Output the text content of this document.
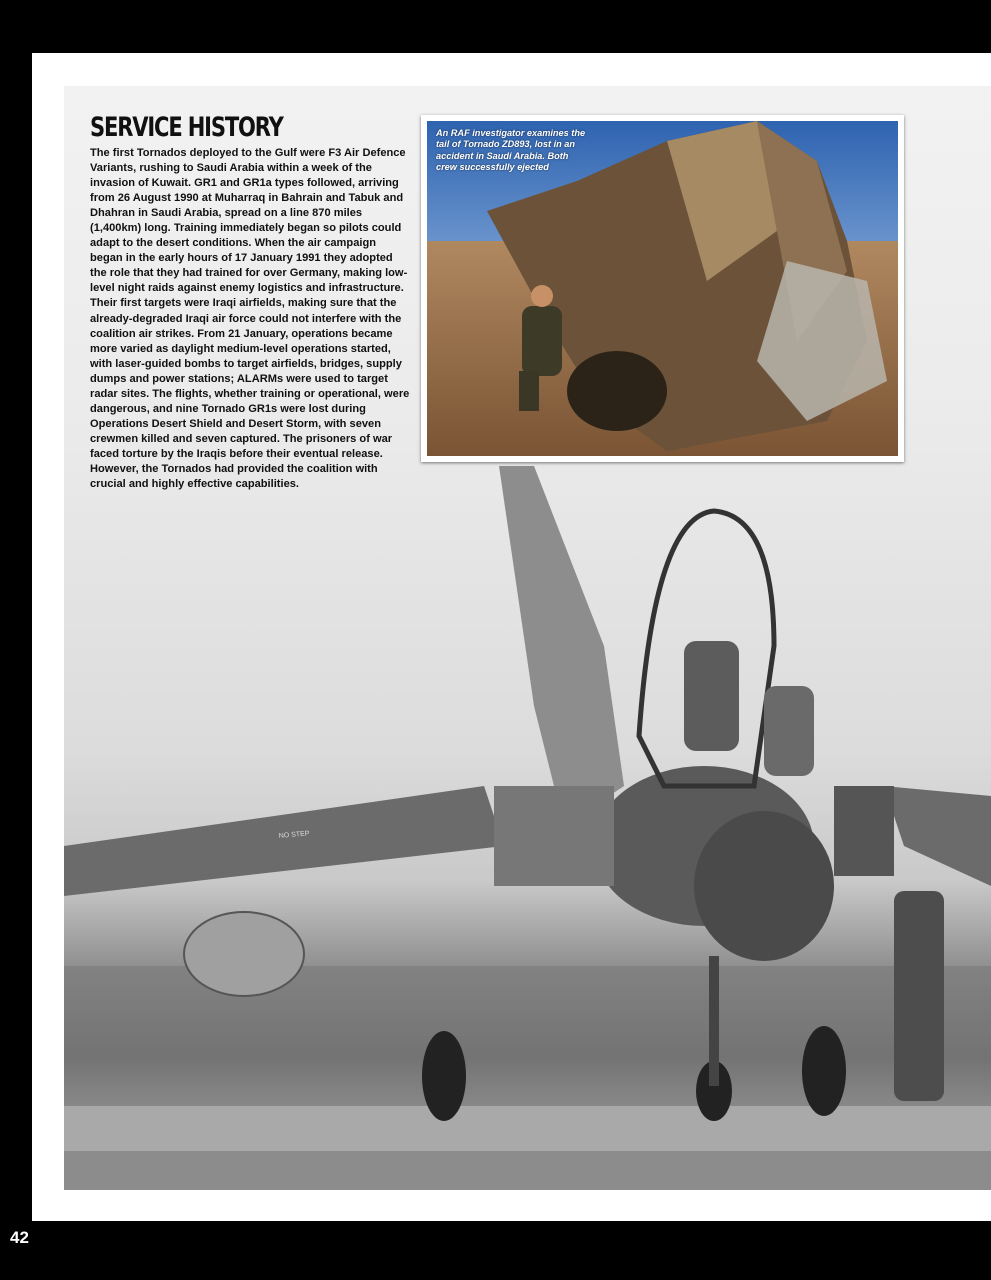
NO STEP
SERVICE HISTORY

The first Tornados deployed to the Gulf were F3 Air Defence Variants, rushing to Saudi Arabia within a week of the invasion of Kuwait. GR1 and GR1a types followed, arriving from 26 August 1990 at Muharraq in Bahrain and Tabuk and Dhahran in Saudi Arabia, spread on a line 870 miles (1,400km) long. Training immediately began so pilots could adapt to the desert conditions. When the air campaign began in the early hours of 17 January 1991 they adopted the role that they had trained for over Germany, making low-level night raids against enemy logistics and infrastructure. Their first targets were Iraqi airfields, making sure that the already-degraded Iraqi air force could not interfere with the coalition air strikes. From 21 January, operations became more varied as daylight medium-level operations started, with laser-guided bombs to target airfields, bridges, supply dumps and power stations; ALARMs were used to target radar sites. The flights, whether training or operational, were dangerous, and nine Tornado GR1s were lost during Operations Desert Shield and Desert Storm, with seven crewmen killed and seven captured. The prisoners of war faced torture by the Iraqis before their eventual release. However, the Tornados had provided the coalition with crucial and highly effective capabilities.

An RAF investigator examines the tail of Tornado ZD893, lost in an accident in Saudi Arabia. Both crew successfully ejected

42
